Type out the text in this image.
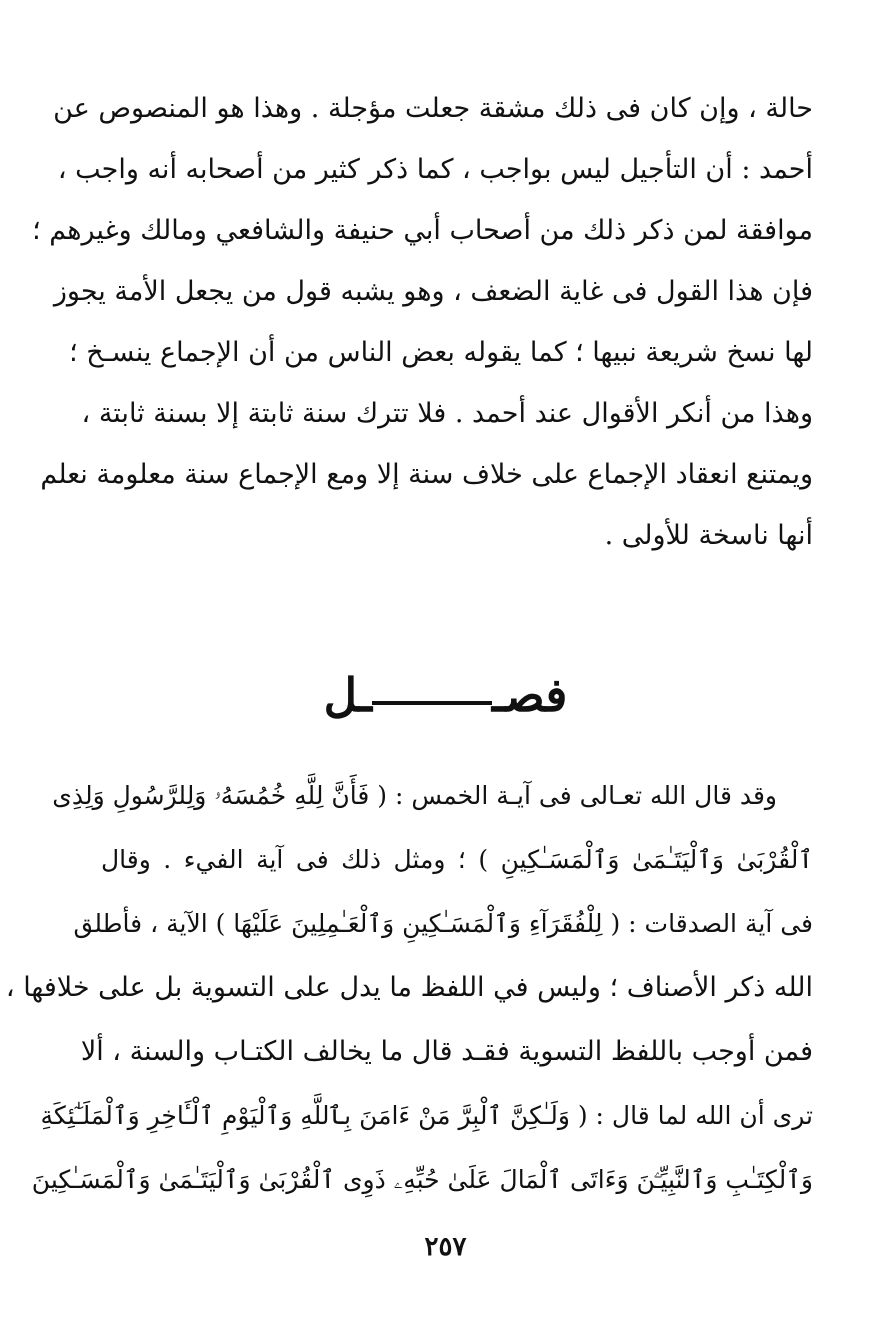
حالة ، وإن كان فى ذلك مشقة جعلت مؤجلة . وهذا هو المنصوص عن
أحمد : أن التأجيل ليس بواجب ، كما ذكر كثير من أصحابه أنه واجب ،
موافقة لمن ذكر ذلك من أصحاب أبي حنيفة والشافعي ومالك وغيرهم ؛
فإن هذا القول فى غاية الضعف ، وهو يشبه قول من يجعل الأمة يجوز
لها نسخ شريعة نبيها ؛ كما يقوله بعض الناس من أن الإجماع ينسـخ ؛
وهذا من أنكر الأقوال عند أحمد . فلا تترك سنة ثابتة إلا بسنة ثابتة ،
ويمتنع انعقاد الإجماع على خلاف سنة إلا ومع الإجماع سنة معلومة نعلم
أنها ناسخة للأولى .
فصــل
وقد قال الله تعـالى فى آيـة الخمس : ( فَأَنَّ لِلَّهِ خُمُسَهُۥ وَلِلرَّسُولِ وَلِذِى
ٱلْقُرْبَىٰ وَٱلْيَتَـٰمَىٰ وَٱلْمَسَـٰكِينِ ) ؛ ومثل ذلك فى آية الفيء . وقال
فى آية الصدقات : ( لِلْفُقَرَآءِ وَٱلْمَسَـٰكِينِ وَٱلْعَـٰمِلِينَ عَلَيْهَا ) الآية ، فأطلق
الله ذكر الأصناف ؛ وليس في اللفظ ما يدل على التسوية بل على خلافها ،
فمن أوجب باللفظ التسوية فقـد قال ما يخالف الكتـاب والسنة ، ألا
ترى أن الله لما قال : ( وَلَـٰكِنَّ ٱلْبِرَّ مَنْ ءَامَنَ بِٱللَّهِ وَٱلْيَوْمِ ٱلْـَٔاخِرِ وَٱلْمَلَـٰٓئِكَةِ
وَٱلْكِتَـٰبِ وَٱلنَّبِيِّـۧنَ وَءَاتَى ٱلْمَالَ عَلَىٰ حُبِّهِۦ ذَوِى ٱلْقُرْبَىٰ وَٱلْيَتَـٰمَىٰ وَٱلْمَسَـٰكِينَ
٢٥٧
